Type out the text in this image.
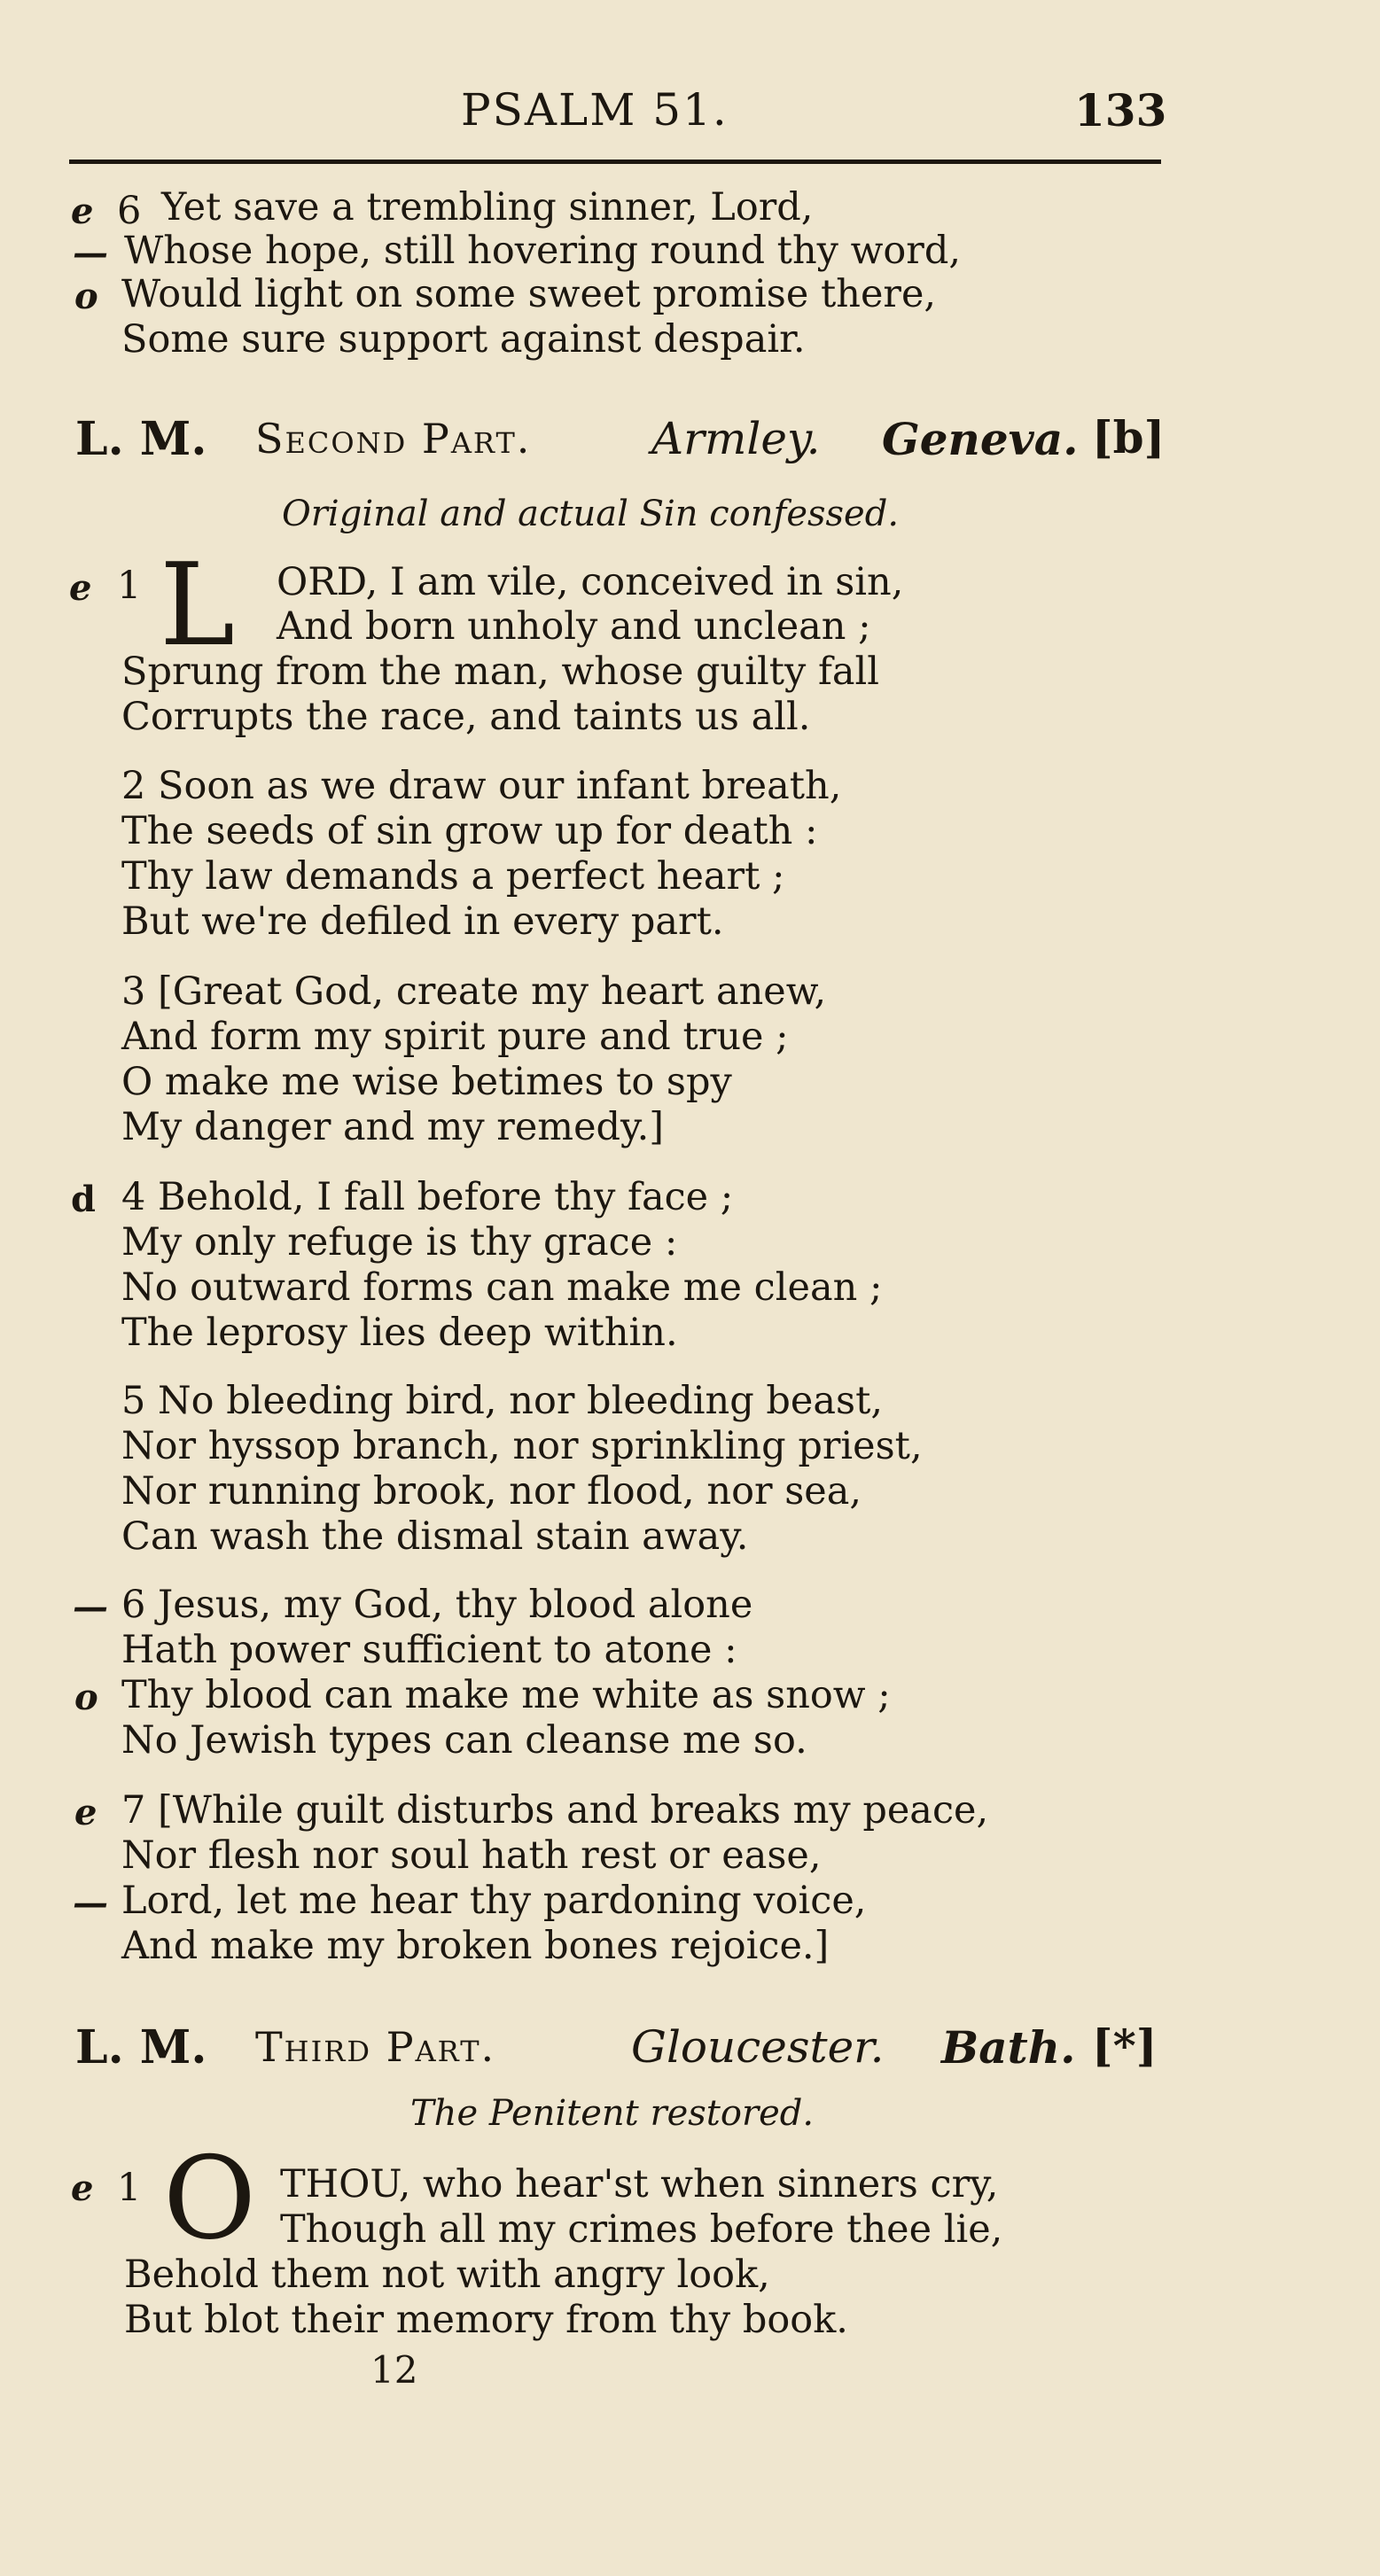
PSALM 51.	133
e 6 Yet save a trembling sinner, Lord,
— Whose hope, still hovering round thy word,
o Would light on some sweet promise there,
Some sure support against despair.
L. M. Second Part.	Armley. Geneva. [b]
Original and actual Sin confessed.
e 1 L ORD, I am vile, conceived in sin,
And born unholy and unclean ;
Sprung from the man, whose guilty fall
Corrupts the race, and taints us all.
2 Soon as we draw our infant breath,
The seeds of sin grow up for death :
Thy law demands a perfect heart ;
But we're defiled in every part.
3 [Great God, create my heart anew,
And form my spirit pure and true ;
O make me wise betimes to spy
My danger and my remedy.]
d 4 Behold, I fall before thy face ;
My only refuge is thy grace :
No outward forms can make me clean ;
The leprosy lies deep within.
5 No bleeding bird, nor bleeding beast,
Nor hyssop branch, nor sprinkling priest,
Nor running brook, nor flood, nor sea,
Can wash the dismal stain away.
— 6 Jesus, my God, thy blood alone
Hath power sufficient to atone :
o Thy blood can make me white as snow ;
No Jewish types can cleanse me so.
e 7 [While guilt disturbs and breaks my peace,
Nor flesh nor soul hath rest or ease,
— Lord, let me hear thy pardoning voice,
And make my broken bones rejoice.]
L. M. Third Part.	Gloucester. Bath. [*]
The Penitent restored.
e 1 O THOU, who hear'st when sinners cry,
Though all my crimes before thee lie,
Behold them not with angry look,
But blot their memory from thy book.
12
